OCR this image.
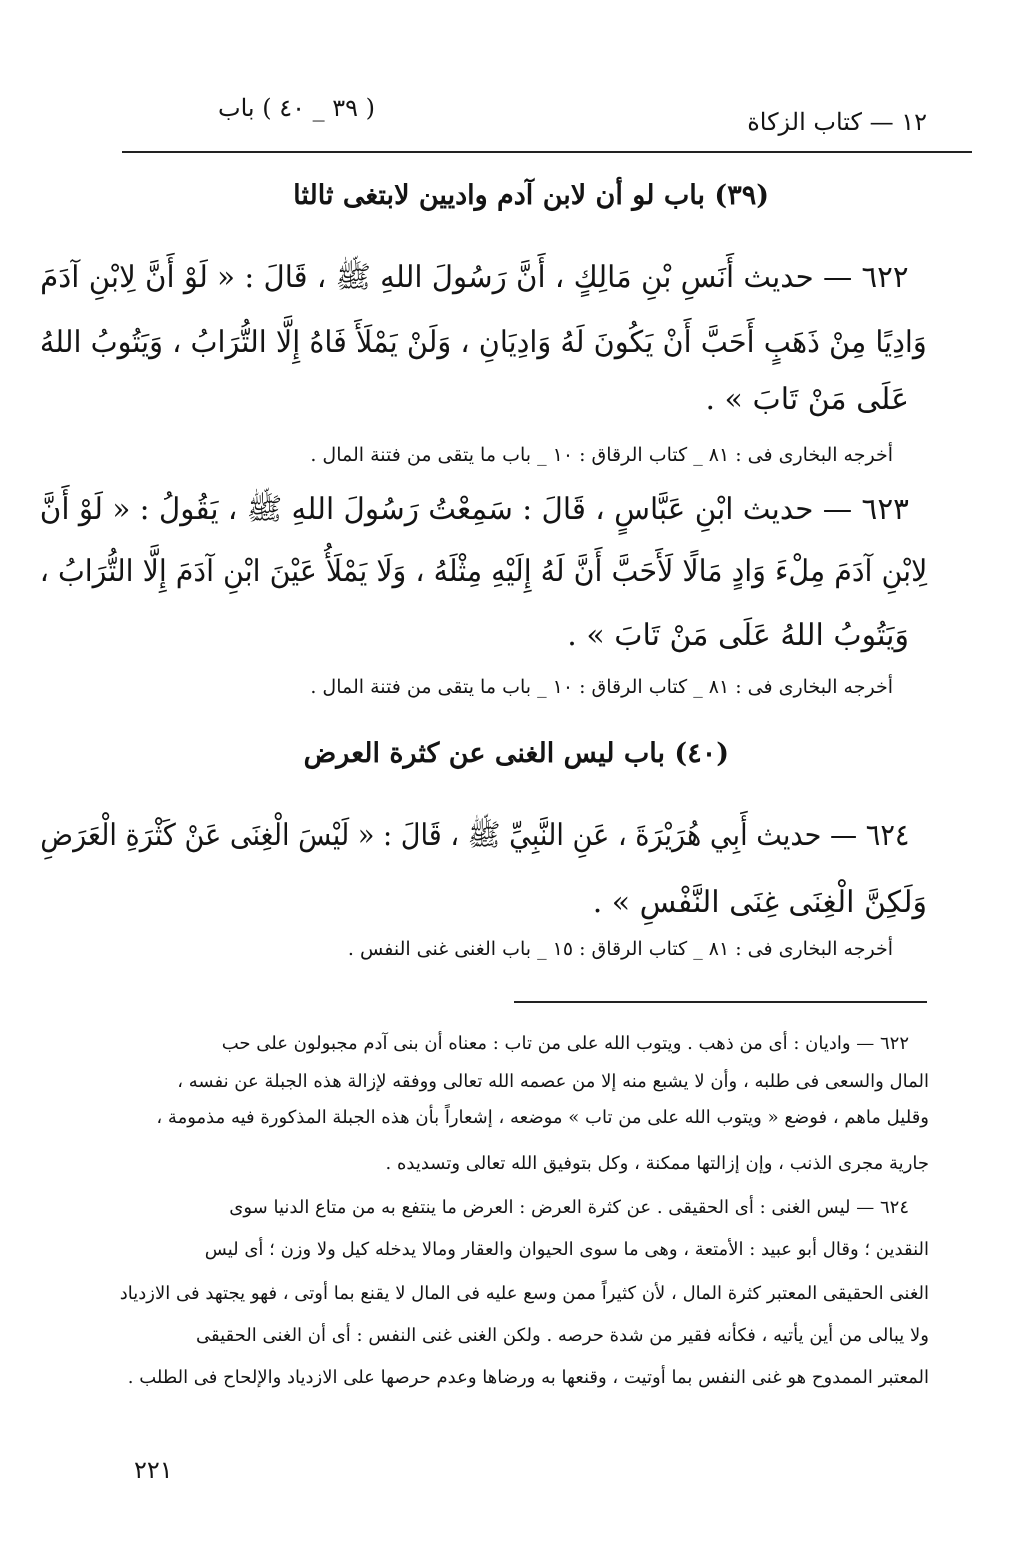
١٢ — كتاب الزكاة
( ٣٩ _ ٤٠ ) باب
(٣٩) باب لو أن لابن آدم واديين لابتغى ثالثا
٦٢٢ — حديث أَنَسِ بْنِ مَالِكٍ ، أَنَّ رَسُولَ اللهِ ﷺ ، قَالَ : « لَوْ أَنَّ لِابْنِ آدَمَ
وَادِيًا مِنْ ذَهَبٍ أَحَبَّ أَنْ يَكُونَ لَهُ وَادِيَانِ ، وَلَنْ يَمْلَأَ فَاهُ إِلَّا التُّرَابُ ، وَيَتُوبُ اللهُ
عَلَى مَنْ تَابَ » .
أخرجه البخارى فى : ٨١ _ كتاب الرقاق : ١٠ _ باب ما يتقى من فتنة المال .
٦٢٣ — حديث ابْنِ عَبَّاسٍ ، قَالَ : سَمِعْتُ رَسُولَ اللهِ ﷺ ، يَقُولُ : « لَوْ أَنَّ
لِابْنِ آدَمَ مِلْءَ وَادٍ مَالًا لَأَحَبَّ أَنَّ لَهُ إِلَيْهِ مِثْلَهُ ، وَلَا يَمْلَأُ عَيْنَ ابْنِ آدَمَ إِلَّا التُّرَابُ ،
وَيَتُوبُ اللهُ عَلَى مَنْ تَابَ » .
أخرجه البخارى فى : ٨١ _ كتاب الرقاق : ١٠ _ باب ما يتقى من فتنة المال .
(٤٠) باب ليس الغنى عن كثرة العرض
٦٢٤ — حديث أَبِي هُرَيْرَةَ ، عَنِ النَّبِيِّ ﷺ ، قَالَ : « لَيْسَ الْغِنَى عَنْ كَثْرَةِ الْعَرَضِ
وَلَكِنَّ الْغِنَى غِنَى النَّفْسِ » .
أخرجه البخارى فى : ٨١ _ كتاب الرقاق : ١٥ _ باب الغنى غنى النفس .
٦٢٢ — واديان : أى من ذهب . ويتوب الله على من تاب : معناه أن بنى آدم مجبولون على حب
المال والسعى فى طلبه ، وأن لا يشبع منه إلا من عصمه الله تعالى ووفقه لإزالة هذه الجبلة عن نفسه ،
وقليل ماهم ، فوضع « ويتوب الله على من تاب » موضعه ، إشعاراً بأن هذه الجبلة المذكورة فيه مذمومة ،
جارية مجرى الذنب ، وإن إزالتها ممكنة ، وكل بتوفيق الله تعالى وتسديده .
٦٢٤ — ليس الغنى : أى الحقيقى . عن كثرة العرض : العرض ما ينتفع به من متاع الدنيا سوى
النقدين ؛ وقال أبو عبيد : الأمتعة ، وهى ما سوى الحيوان والعقار ومالا يدخله كيل ولا وزن ؛ أى ليس
الغنى الحقيقى المعتبر كثرة المال ، لأن كثيراً ممن وسع عليه فى المال لا يقنع بما أوتى ، فهو يجتهد فى الازدياد
ولا يبالى من أين يأتيه ، فكأنه فقير من شدة حرصه . ولكن الغنى غنى النفس : أى أن الغنى الحقيقى
المعتبر الممدوح هو غنى النفس بما أوتيت ، وقنعها به ورضاها وعدم حرصها على الازدياد والإلحاح فى الطلب .
٢٢١
